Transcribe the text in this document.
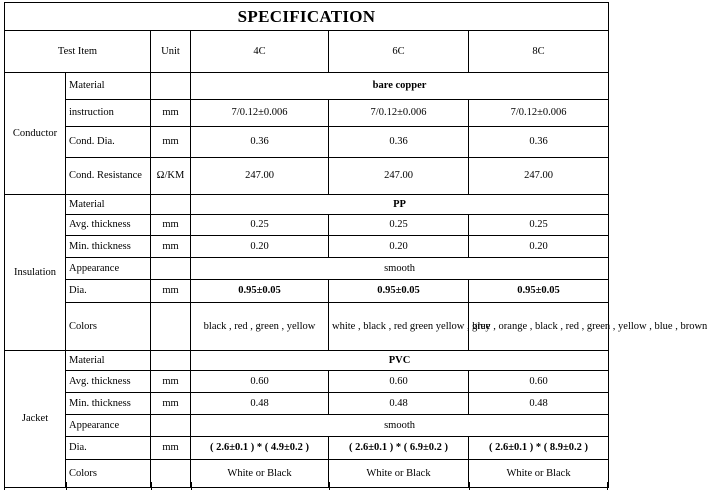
SPECIFICATION					
Test Item		Unit	4C	6C	8C
Conductor	Material		bare copper		
	instruction	mm	7/0.12±0.006	7/0.12±0.006	7/0.12±0.006
	Cond. Dia.	mm	0.36	0.36	0.36
	Cond. Resistance	Ω/KM	247.00	247.00	247.00
Insulation	Material		PP		
	Avg. thickness	mm	0.25	0.25	0.25
	Min. thickness	mm	0.20	0.20	0.20
	Appearance		smooth		
	Dia.	mm	0.95±0.05	0.95±0.05	0.95±0.05
	Colors		black , red , green , yellow	white , black , red green yellow , blue	grey , orange , black , red , green , yellow , blue , brown
Jacket	Material		PVC		
	Avg. thickness	mm	0.60	0.60	0.60
	Min. thickness	mm	0.48	0.48	0.48
	Appearance		smooth		
	Dia.	mm	( 2.6±0.1 ) * ( 4.9±0.2 )	( 2.6±0.1 ) * ( 6.9±0.2 )	( 2.6±0.1 ) * ( 8.9±0.2 )
	Colors		White or Black	White or Black	White or Black
